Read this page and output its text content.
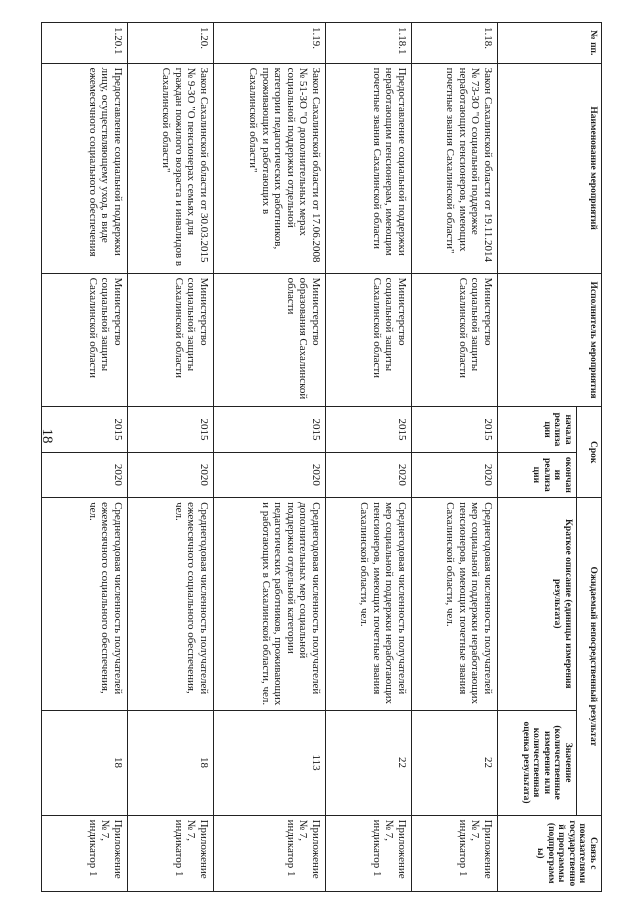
18
№ пп.	Наименование мероприятий	Исполнитель мероприятия	Срок		Ожидаемый непосредственный результат		Связь с показателями государственной программы (подпрограммы)
			начала реализации	окончания реализации	Краткое описание (единицы измерения результата)	Значение (количественные измерение или количественная оценка результата)	
1.18.	Закон Сахалинской области от 19.11.2014 № 73-ЗО "О социальной поддержке неработающих пенсионеров, имеющих почетные звания Сахалинской области"	Министерство социальной защиты Сахалинской области	2015	2020	Среднегодовая численность получателей мер социальной поддержки неработающих пенсионеров, имеющих почетные звания Сахалинской области, чел.	22	Приложение № 7, индикатор 1
1.18.1	Предоставление социальной поддержки неработающим пенсионерам, имеющим почетные звания Сахалинской области	Министерство социальной защиты Сахалинской области	2015	2020	Среднегодовая численность получателей мер социальной поддержки неработающих пенсионеров, имеющих почетные звания Сахалинской области, чел.	22	Приложение № 7, индикатор 1
1.19.	Закон Сахалинской области от 17.06.2008 № 51-ЗО "О дополнительных мерах социальной поддержки отдельной категории педагогических работников, проживающих и работающих в Сахалинской области"	Министерство образования Сахалинской области	2015	2020	Среднегодовая численность получателей дополнительных мер социальной поддержки отдельной категории педагогических работников, проживающих и работающих в Сахалинской области, чел.	113	Приложение № 7, индикатор 1
1.20.	Закон Сахалинской области от 30.03.2015 № 9-ЗО "О пенсионерах семьях для граждан пожилого возраста и инвалидов в Сахалинской области"	Министерство социальной защиты Сахалинской области	2015	2020	Среднегодовая численность получателей ежемесячного социального обеспечения, чел.	18	Приложение № 7, индикатор 1
1.20.1	Предоставление социальной поддержки лицу, осуществляющему уход, в виде ежемесячного социального обеспечения	Министерство социальной защиты Сахалинской области	2015	2020	Среднегодовая численность получателей ежемесячного социального обеспечения, чел.	18	Приложение № 7, индикатор 1
